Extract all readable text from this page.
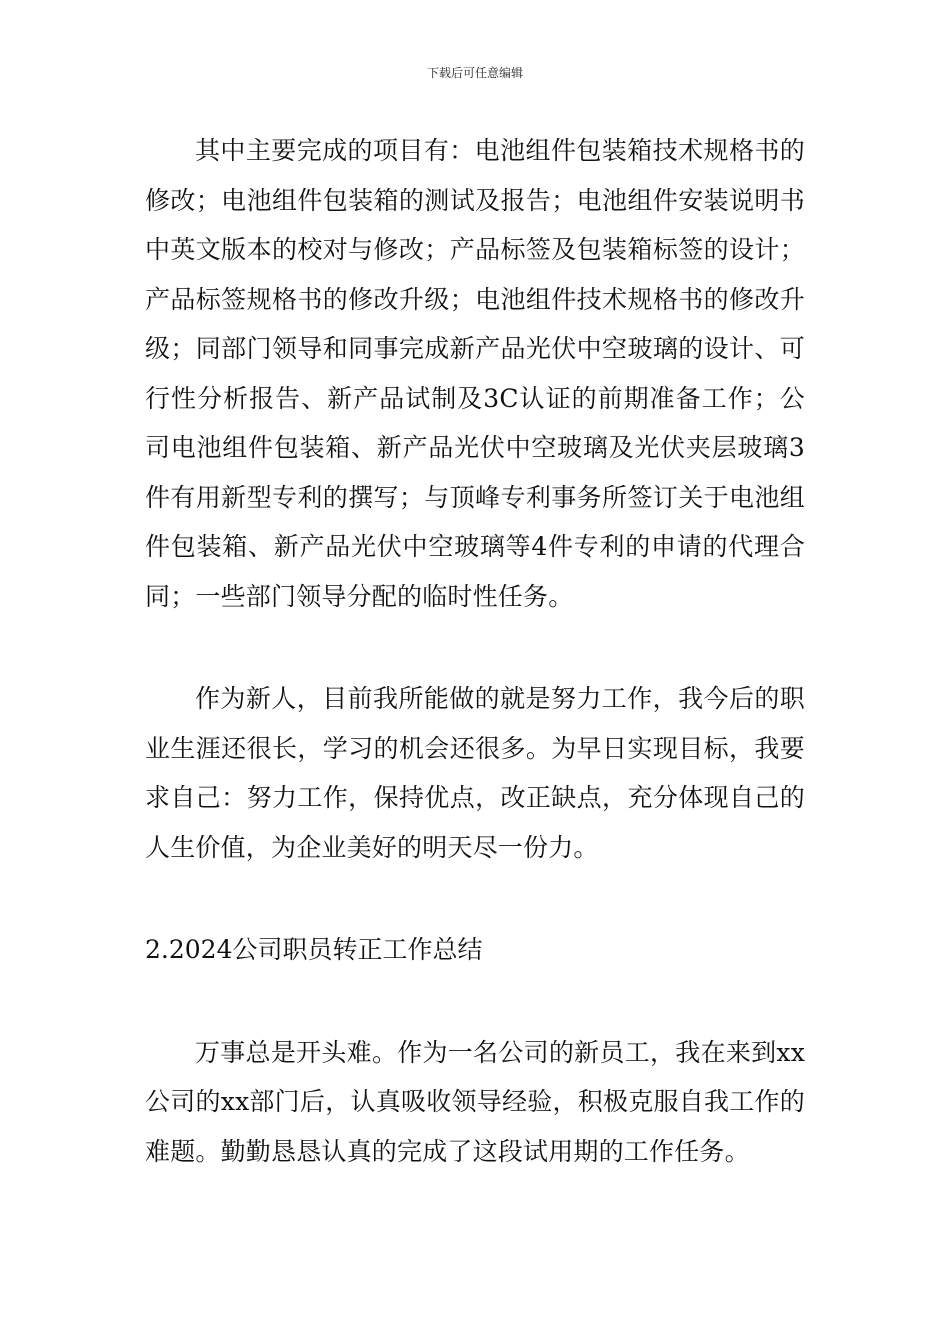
下载后可任意编辑

其中主要完成的项目有：电池组件包装箱技术规格书的修改；电池组件包装箱的测试及报告；电池组件安装说明书中英文版本的校对与修改；产品标签及包装箱标签的设计；产品标签规格书的修改升级；电池组件技术规格书的修改升级；同部门领导和同事完成新产品光伏中空玻璃的设计、可行性分析报告、新产品试制及3C认证的前期准备工作；公司电池组件包装箱、新产品光伏中空玻璃及光伏夹层玻璃3件有用新型专利的撰写；与顶峰专利事务所签订关于电池组件包装箱、新产品光伏中空玻璃等4件专利的申请的代理合同；一些部门领导分配的临时性任务。

作为新人，目前我所能做的就是努力工作，我今后的职业生涯还很长，学习的机会还很多。为早日实现目标，我要求自己：努力工作，保持优点，改正缺点，充分体现自己的人生价值，为企业美好的明天尽一份力。

2.2024公司职员转正工作总结

万事总是开头难。作为一名公司的新员工，我在来到xx公司的xx部门后，认真吸收领导经验，积极克服自我工作的难题。勤勤恳恳认真的完成了这段试用期的工作任务。
